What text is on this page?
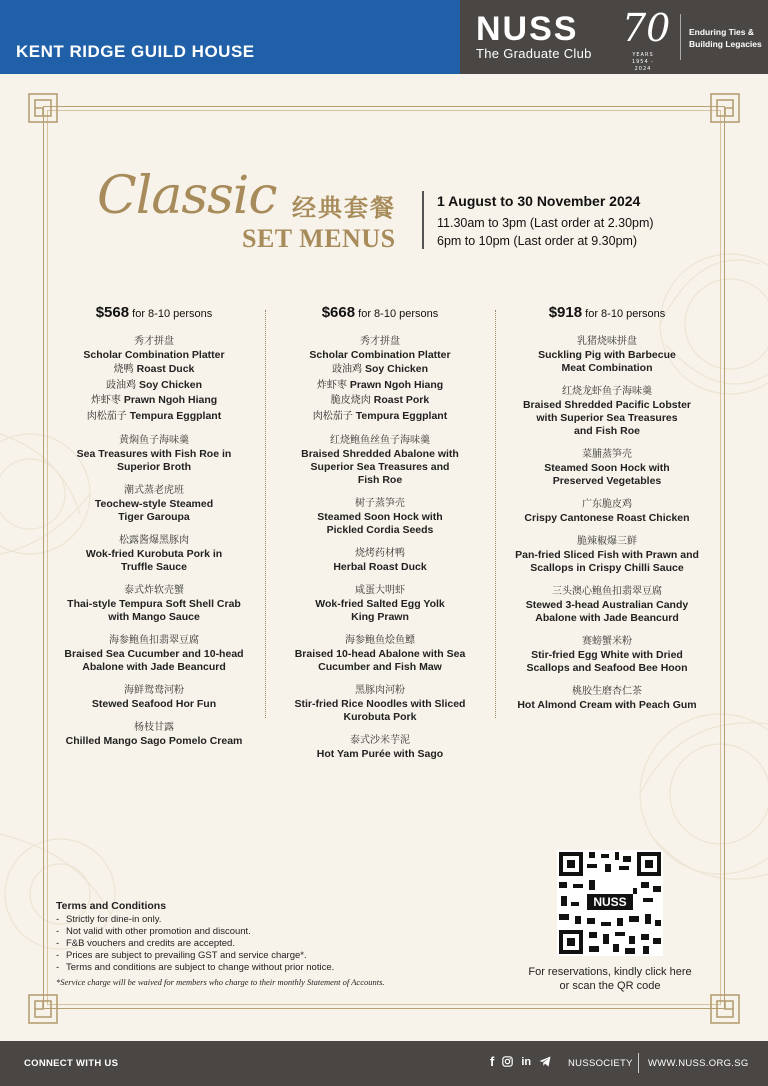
KENT RIDGE GUILD HOUSE
NUSS
The Graduate Club
70
YEARS
1954 - 2024
Enduring Ties &
Building Legacies
Classic 经典套餐
SET MENUS
1 August to 30 November 2024
11.30am to 3pm (Last order at 2.30pm)
6pm to 10pm (Last order at 9.30pm)
$568 for 8-10 persons
秀才拼盘
Scholar Combination Platter
烧鸭 Roast Duck
豉油鸡 Soy Chicken
炸虾枣 Prawn Ngoh Hiang
肉松茄子 Tempura Eggplant
黄焖鱼子海味羹
Sea Treasures with Fish Roe in
Superior Broth
潮式蒸老虎班
Teochew-style Steamed
Tiger Garoupa
松露酱爆黑豚肉
Wok-fried Kurobuta Pork in
Truffle Sauce
泰式炸软壳蟹
Thai-style Tempura Soft Shell Crab
with Mango Sauce
海参鲍鱼扣翡翠豆腐
Braised Sea Cucumber and 10-head
Abalone with Jade Beancurd
海鲜鸳鸯河粉
Stewed Seafood Hor Fun
杨枝甘露
Chilled Mango Sago Pomelo Cream
$668 for 8-10 persons
秀才拼盘
Scholar Combination Platter
豉油鸡 Soy Chicken
炸虾枣 Prawn Ngoh Hiang
脆皮烧肉 Roast Pork
肉松茄子 Tempura Eggplant
红烧鲍鱼丝鱼子海味羹
Braised Shredded Abalone with
Superior Sea Treasures and
Fish Roe
树子蒸笋壳
Steamed Soon Hock with
Pickled Cordia Seeds
烧烤药材鸭
Herbal Roast Duck
咸蛋大明虾
Wok-fried Salted Egg Yolk
King Prawn
海参鲍鱼烩鱼鳔
Braised 10-head Abalone with Sea
Cucumber and Fish Maw
黑豚肉河粉
Stir-fried Rice Noodles with Sliced
Kurobuta Pork
泰式沙米芋泥
Hot Yam Purée with Sago
$918 for 8-10 persons
乳猪烧味拼盘
Suckling Pig with Barbecue
Meat Combination
红烧龙虾鱼子海味羹
Braised Shredded Pacific Lobster
with Superior Sea Treasures
and Fish Roe
菜脯蒸笋壳
Steamed Soon Hock with
Preserved Vegetables
广东脆皮鸡
Crispy Cantonese Roast Chicken
脆辣椒爆三鲜
Pan-fried Sliced Fish with Prawn and
Scallops in Crispy Chilli Sauce
三头澳心鲍鱼扣翡翠豆腐
Stewed 3-head Australian Candy
Abalone with Jade Beancurd
赛螃蟹米粉
Stir-fried Egg White with Dried
Scallops and Seafood Bee Hoon
桃胶生磨杏仁茶
Hot Almond Cream with Peach Gum
Terms and Conditions
- Strictly for dine-in only.
- Not valid with other promotion and discount.
- F&B vouchers and credits are accepted.
- Prices are subject to prevailing GST and service charge*.
- Terms and conditions are subject to change without prior notice.
*Service charge will be waived for members who charge to their monthly Statement of Accounts.
NUSS
For reservations, kindly click here
or scan the QR code
CONNECT WITH US	f in	NUSSOCIETY WWW.NUSS.ORG.SG
